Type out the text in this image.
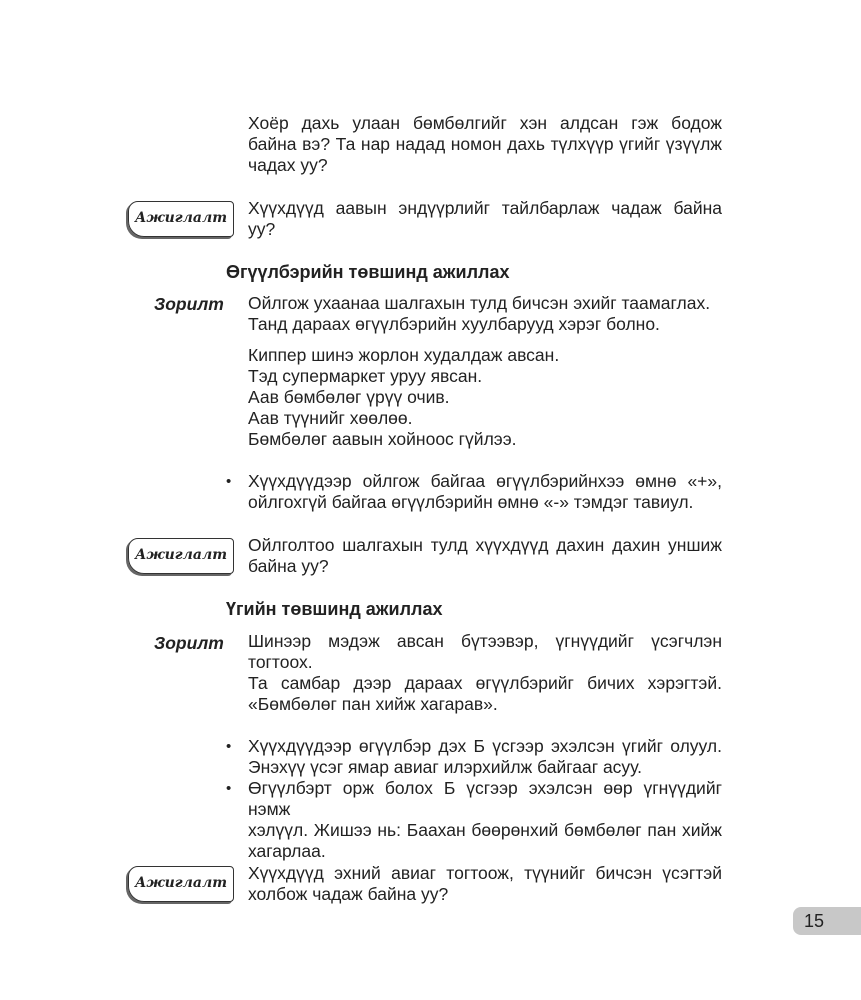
Хоёр дахь улаан бөмбөлгийг хэн алдсан гэж бодож
байна вэ? Та нар надад номон дахь түлхүүр үгийг үзүүлж
чадах уу?
Ажиглалт	Хүүхдүүд аавын эндүүрлийг тайлбарлаж чадаж байна
уу?
Өгүүлбэрийн төвшинд ажиллах
Зорилт Ойлгож ухаанаа шалгахын тулд бичсэн эхийг таамаглах.
Танд дараах өгүүлбэрийн хуулбарууд хэрэг болно.
Киппер шинэ жорлон худалдаж авсан.
Тэд супермаркет уруу явсан.
Аав бөмбөлөг үрүү очив.
Аав түүнийг хөөлөө.
Бөмбөлөг аавын хойноос гүйлээ.
• Хүүхдүүдээр ойлгож байгаа өгүүлбэрийнхээ өмнө «+»,
ойлгохгүй байгаа өгүүлбэрийн өмнө «-» тэмдэг тавиул.
Ажиглалт	Ойлголтоо шалгахын тулд хүүхдүүд дахин дахин уншиж
байна уу?
Үгийн төвшинд ажиллах
Зорилт Шинээр мэдэж авсан бүтээвэр, үгнүүдийг үсэгчлэн
тогтоох.
Та самбар дээр дараах өгүүлбэрийг бичих хэрэгтэй.
«Бөмбөлөг пан хийж хагарав».
• Хүүхдүүдээр өгүүлбэр дэх Б үсгээр эхэлсэн үгийг олуул.
Энэхүү үсэг ямар авиаг илэрхийлж байгааг асуу.
• Өгүүлбэрт орж болох Б үсгээр эхэлсэн өөр үгнүүдийг нэмж
хэлүүл. Жишээ нь: Баахан бөөрөнхий бөмбөлөг пан хийж
хагарлаа.
Ажиглалт	Хүүхдүүд эхний авиаг тогтоож, түүнийг бичсэн үсэгтэй
холбож чадаж байна уу?
15
